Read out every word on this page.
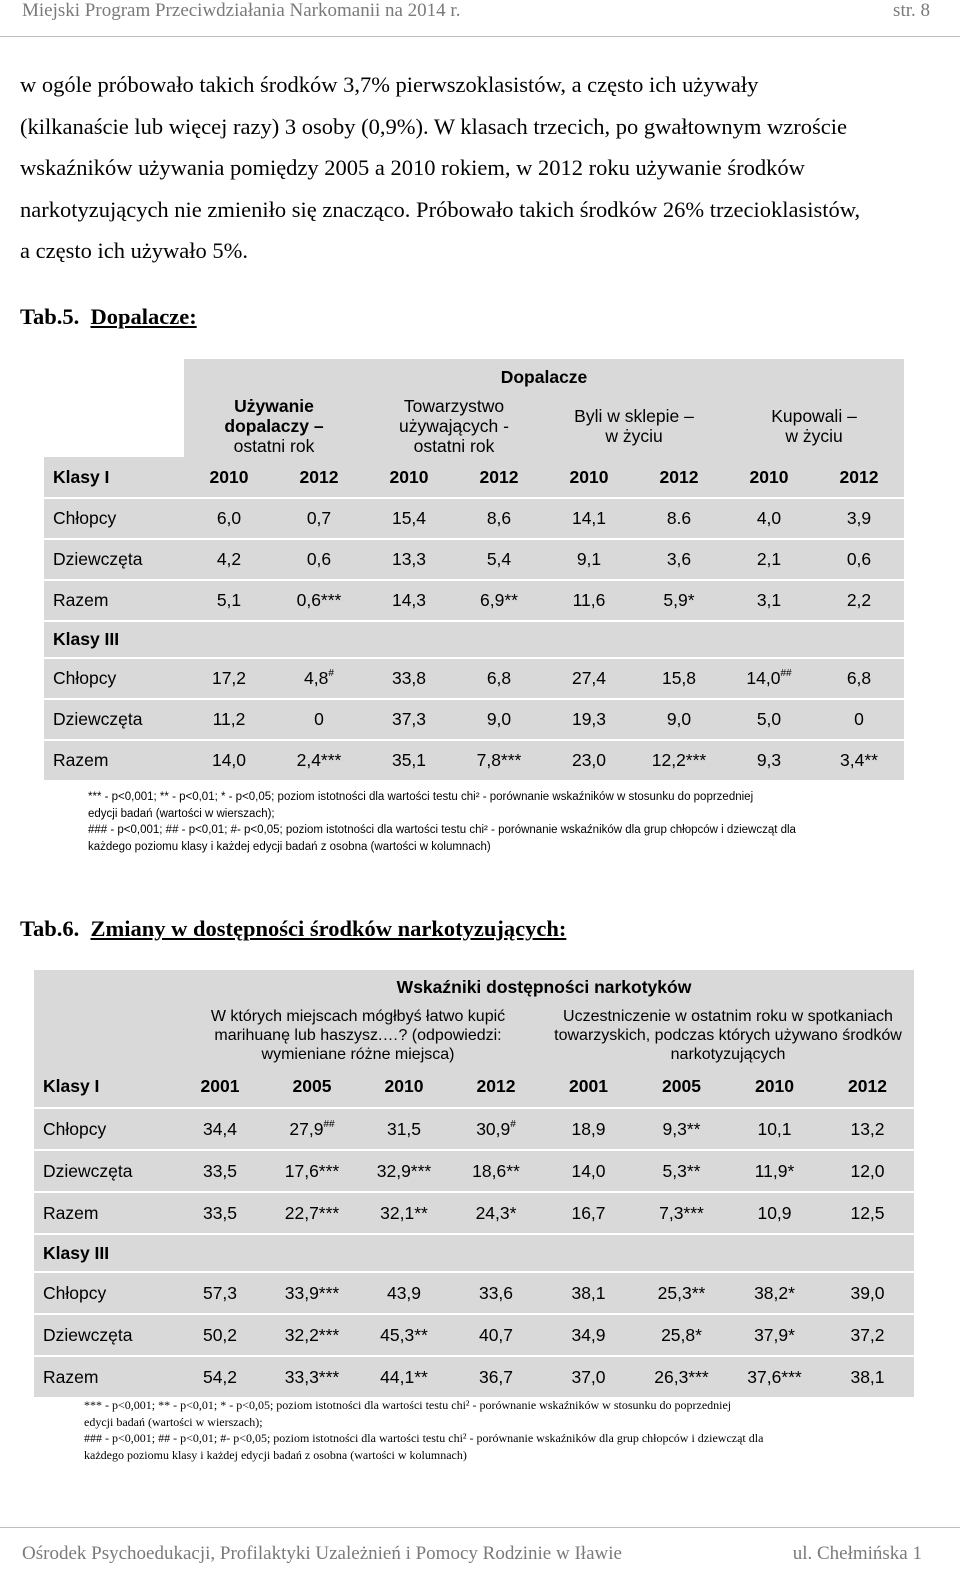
Miejski Program Przeciwdziałania Narkomanii na 2014 r.	str. 8
w ogóle próbowało takich środków 3,7% pierwszoklasistów, a często ich używały
(kilkanaście lub więcej razy) 3 osoby (0,9%). W klasach trzecich, po gwałtownym wzroście
wskaźników używania pomiędzy 2005 a 2010 rokiem, w 2012 roku używanie środków
narkotyzujących nie zmieniło się znacząco. Próbowało takich środków 26% trzecioklasistów,
a często ich używało 5%.
Tab.5. Dopalacze:
	Dopalacze							

	Używanie
dopalaczy –
ostatni rok		Towarzystwo
używających -
ostatni rok		Byli w sklepie –
w życiu		Kupowali –
w życiu	

Klasy I	2010	2012	2010	2012	2010	2012	2010	2012
Chłopcy	6,0	0,7	15,4	8,6	14,1	8.6	4,0	3,9
Dziewczęta	4,2	0,6	13,3	5,4	9,1	3,6	2,1	0,6
Razem	5,1	0,6***	14,3	6,9**	11,6	5,9*	3,1	2,2
Klasy III								
Chłopcy	17,2	4,8#	33,8	6,8	27,4	15,8	14,0##	6,8
Dziewczęta	11,2	0	37,3	9,0	19,3	9,0	5,0	0
Razem	14,0	2,4***	35,1	7,8***	23,0	12,2***	9,3	3,4**
*** - p<0,001; ** - p<0,01; * - p<0,05; poziom istotności dla wartości testu chi² - porównanie wskaźników w stosunku do poprzedniej
edycji badań (wartości w wierszach);
### - p<0,001; ## - p<0,01; #- p<0,05; poziom istotności dla wartości testu chi² - porównanie wskaźników dla grup chłopców i dziewcząt dla
każdego poziomu klasy i każdej edycji badań z osobna (wartości w kolumnach)
Tab.6. Zmiany w dostępności środków narkotyzujących:
	Wskaźniki dostępności narkotyków							
	W których miejscach mógłbyś łatwo kupić marihuanę lub haszysz.…? (odpowiedzi: wymieniane różne miejsca)				Uczestniczenie w ostatnim roku w spotkaniach towarzyskich, podczas których używano środków narkotyzujących			
Klasy I	2001	2005	2010	2012	2001	2005	2010	2012
Chłopcy	34,4	27,9##	31,5	30,9#	18,9	9,3**	10,1	13,2
Dziewczęta	33,5	17,6***	32,9***	18,6**	14,0	5,3**	11,9*	12,0
Razem	33,5	22,7***	32,1**	24,3*	16,7	7,3***	10,9	12,5
Klasy III								
Chłopcy	57,3	33,9***	43,9	33,6	38,1	25,3**	38,2*	39,0
Dziewczęta	50,2	32,2***	45,3**	40,7	34,9	25,8*	37,9*	37,2
Razem	54,2	33,3***	44,1**	36,7	37,0	26,3***	37,6***	38,1
*** - p<0,001; ** - p<0,01; * - p<0,05; poziom istotności dla wartości testu chi² - porównanie wskaźników w stosunku do poprzedniej
edycji badań (wartości w wierszach);
### - p<0,001; ## - p<0,01; #- p<0,05; poziom istotności dla wartości testu chi² - porównanie wskaźników dla grup chłopców i dziewcząt dla
każdego poziomu klasy i każdej edycji badań z osobna (wartości w kolumnach)
Ośrodek Psychoedukacji, Profilaktyki Uzależnień i Pomocy Rodzinie w Iławie	ul. Chełmińska 1
